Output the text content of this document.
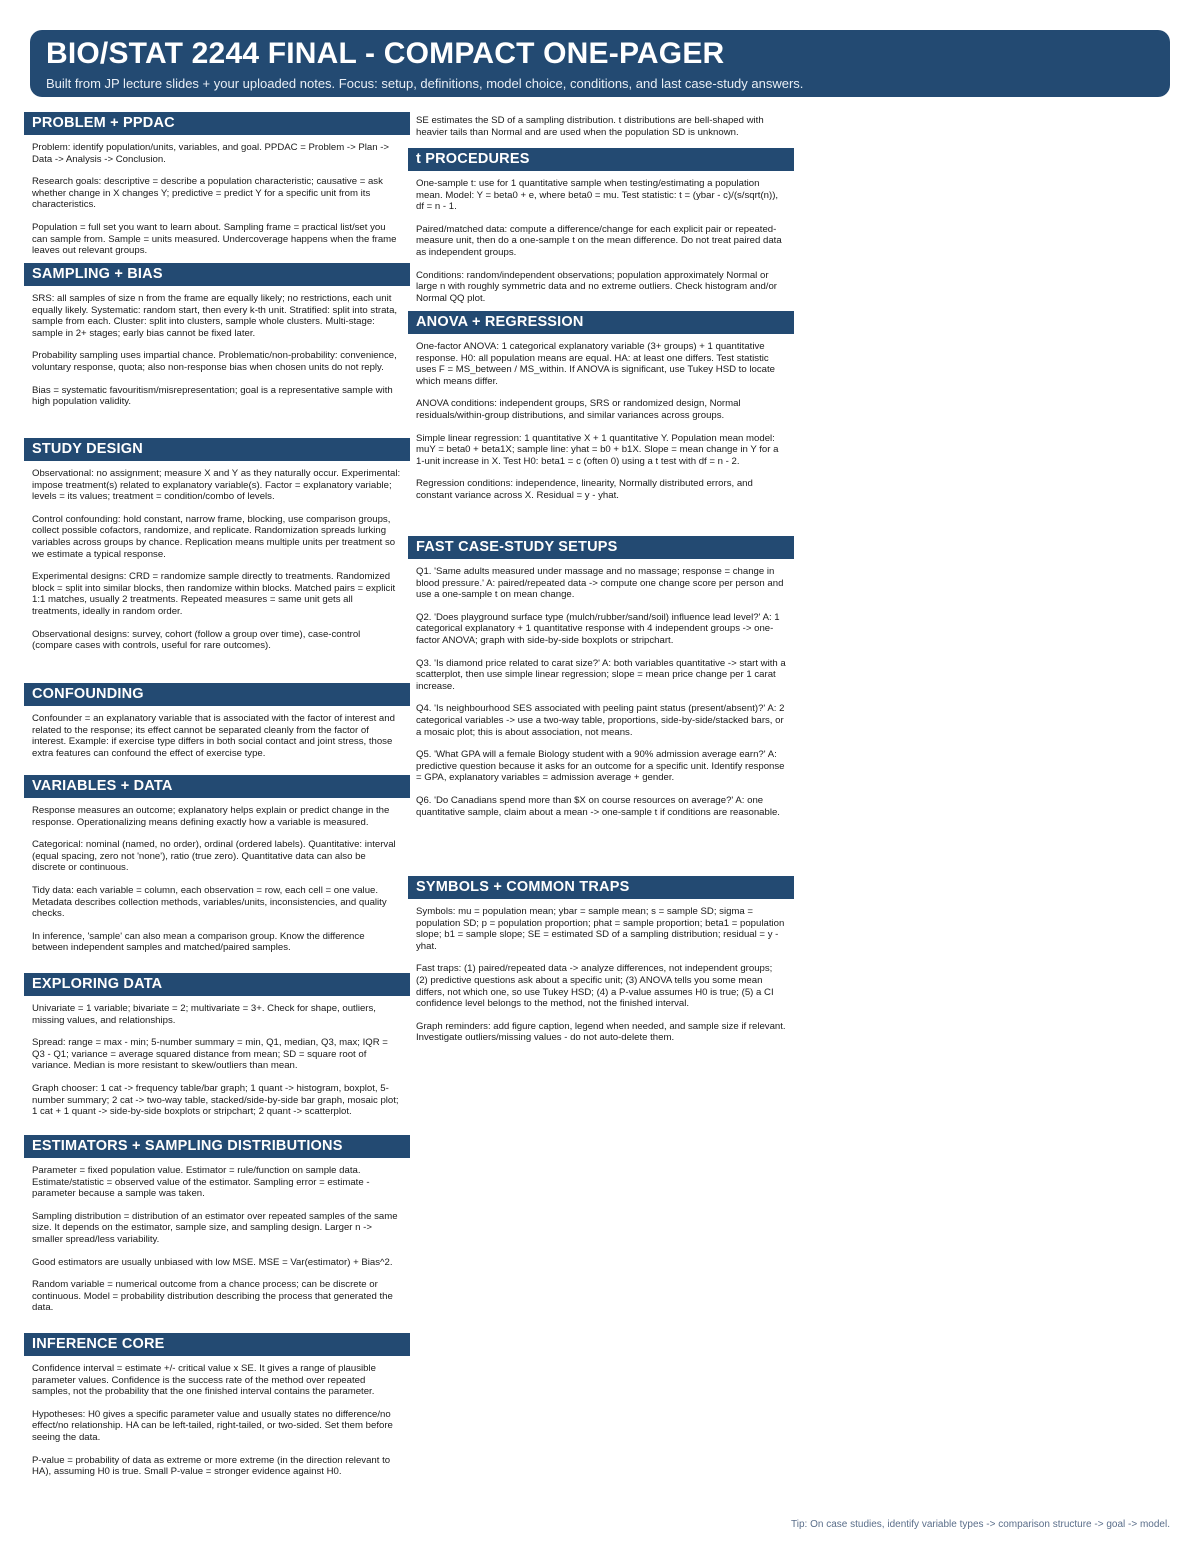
BIO/STAT 2244 FINAL - COMPACT ONE-PAGER
Built from JP lecture slides + your uploaded notes. Focus: setup, definitions, model choice, conditions, and last case-study answers.
PROBLEM + PPDAC
Problem: identify population/units, variables, and goal. PPDAC = Problem -> Plan -> Data -> Analysis -> Conclusion.
Research goals: descriptive = describe a population characteristic; causative = ask whether change in X changes Y; predictive = predict Y for a specific unit from its characteristics.
Population = full set you want to learn about. Sampling frame = practical list/set you can sample from. Sample = units measured. Undercoverage happens when the frame leaves out relevant groups.
SAMPLING + BIAS
SRS: all samples of size n from the frame are equally likely; no restrictions, each unit equally likely. Systematic: random start, then every k-th unit. Stratified: split into strata, sample from each. Cluster: split into clusters, sample whole clusters. Multi-stage: sample in 2+ stages; early bias cannot be fixed later.
Probability sampling uses impartial chance. Problematic/non-probability: convenience, voluntary response, quota; also non-response bias when chosen units do not reply.
Bias = systematic favouritism/misrepresentation; goal is a representative sample with high population validity.
STUDY DESIGN
Observational: no assignment; measure X and Y as they naturally occur. Experimental: impose treatment(s) related to explanatory variable(s). Factor = explanatory variable; levels = its values; treatment = condition/combo of levels.
Control confounding: hold constant, narrow frame, blocking, use comparison groups, collect possible cofactors, randomize, and replicate. Randomization spreads lurking variables across groups by chance. Replication means multiple units per treatment so we estimate a typical response.
Experimental designs: CRD = randomize sample directly to treatments. Randomized block = split into similar blocks, then randomize within blocks. Matched pairs = explicit 1:1 matches, usually 2 treatments. Repeated measures = same unit gets all treatments, ideally in random order.
Observational designs: survey, cohort (follow a group over time), case-control (compare cases with controls, useful for rare outcomes).
CONFOUNDING
Confounder = an explanatory variable that is associated with the factor of interest and related to the response; its effect cannot be separated cleanly from the factor of interest. Example: if exercise type differs in both social contact and joint stress, those extra features can confound the effect of exercise type.
VARIABLES + DATA
Response measures an outcome; explanatory helps explain or predict change in the response. Operationalizing means defining exactly how a variable is measured.
Categorical: nominal (named, no order), ordinal (ordered labels). Quantitative: interval (equal spacing, zero not 'none'), ratio (true zero). Quantitative data can also be discrete or continuous.
Tidy data: each variable = column, each observation = row, each cell = one value. Metadata describes collection methods, variables/units, inconsistencies, and quality checks.
In inference, 'sample' can also mean a comparison group. Know the difference between independent samples and matched/paired samples.
EXPLORING DATA
Univariate = 1 variable; bivariate = 2; multivariate = 3+. Check for shape, outliers, missing values, and relationships.
Spread: range = max - min; 5-number summary = min, Q1, median, Q3, max; IQR = Q3 - Q1; variance = average squared distance from mean; SD = square root of variance. Median is more resistant to skew/outliers than mean.
Graph chooser: 1 cat -> frequency table/bar graph; 1 quant -> histogram, boxplot, 5-number summary; 2 cat -> two-way table, stacked/side-by-side bar graph, mosaic plot; 1 cat + 1 quant -> side-by-side boxplots or stripchart; 2 quant -> scatterplot.
ESTIMATORS + SAMPLING DISTRIBUTIONS
Parameter = fixed population value. Estimator = rule/function on sample data. Estimate/statistic = observed value of the estimator. Sampling error = estimate - parameter because a sample was taken.
Sampling distribution = distribution of an estimator over repeated samples of the same size. It depends on the estimator, sample size, and sampling design. Larger n -> smaller spread/less variability.
Good estimators are usually unbiased with low MSE. MSE = Var(estimator) + Bias^2.
Random variable = numerical outcome from a chance process; can be discrete or continuous. Model = probability distribution describing the process that generated the data.
INFERENCE CORE
Confidence interval = estimate +/- critical value x SE. It gives a range of plausible parameter values. Confidence is the success rate of the method over repeated samples, not the probability that the one finished interval contains the parameter.
Hypotheses: H0 gives a specific parameter value and usually states no difference/no effect/no relationship. HA can be left-tailed, right-tailed, or two-sided. Set them before seeing the data.
P-value = probability of data as extreme or more extreme (in the direction relevant to HA), assuming H0 is true. Small P-value = stronger evidence against H0.
SE estimates the SD of a sampling distribution. t distributions are bell-shaped with heavier tails than Normal and are used when the population SD is unknown.
t PROCEDURES
One-sample t: use for 1 quantitative sample when testing/estimating a population mean. Model: Y = beta0 + e, where beta0 = mu. Test statistic: t = (ybar - c)/(s/sqrt(n)), df = n - 1.
Paired/matched data: compute a difference/change for each explicit pair or repeated-measure unit, then do a one-sample t on the mean difference. Do not treat paired data as independent groups.
Conditions: random/independent observations; population approximately Normal or large n with roughly symmetric data and no extreme outliers. Check histogram and/or Normal QQ plot.
ANOVA + REGRESSION
One-factor ANOVA: 1 categorical explanatory variable (3+ groups) + 1 quantitative response. H0: all population means are equal. HA: at least one differs. Test statistic uses F = MS_between / MS_within. If ANOVA is significant, use Tukey HSD to locate which means differ.
ANOVA conditions: independent groups, SRS or randomized design, Normal residuals/within-group distributions, and similar variances across groups.
Simple linear regression: 1 quantitative X + 1 quantitative Y. Population mean model: muY = beta0 + beta1X; sample line: yhat = b0 + b1X. Slope = mean change in Y for a 1-unit increase in X. Test H0: beta1 = c (often 0) using a t test with df = n - 2.
Regression conditions: independence, linearity, Normally distributed errors, and constant variance across X. Residual = y - yhat.
FAST CASE-STUDY SETUPS
Q1. 'Same adults measured under massage and no massage; response = change in blood pressure.' A: paired/repeated data -> compute one change score per person and use a one-sample t on mean change.
Q2. 'Does playground surface type (mulch/rubber/sand/soil) influence lead level?' A: 1 categorical explanatory + 1 quantitative response with 4 independent groups -> one-factor ANOVA; graph with side-by-side boxplots or stripchart.
Q3. 'Is diamond price related to carat size?' A: both variables quantitative -> start with a scatterplot, then use simple linear regression; slope = mean price change per 1 carat increase.
Q4. 'Is neighbourhood SES associated with peeling paint status (present/absent)?' A: 2 categorical variables -> use a two-way table, proportions, side-by-side/stacked bars, or a mosaic plot; this is about association, not means.
Q5. 'What GPA will a female Biology student with a 90% admission average earn?' A: predictive question because it asks for an outcome for a specific unit. Identify response = GPA, explanatory variables = admission average + gender.
Q6. 'Do Canadians spend more than $X on course resources on average?' A: one quantitative sample, claim about a mean -> one-sample t if conditions are reasonable.
SYMBOLS + COMMON TRAPS
Symbols: mu = population mean; ybar = sample mean; s = sample SD; sigma = population SD; p = population proportion; phat = sample proportion; beta1 = population slope; b1 = sample slope; SE = estimated SD of a sampling distribution; residual = y - yhat.
Fast traps: (1) paired/repeated data -> analyze differences, not independent groups; (2) predictive questions ask about a specific unit; (3) ANOVA tells you some mean differs, not which one, so use Tukey HSD; (4) a P-value assumes H0 is true; (5) a CI confidence level belongs to the method, not the finished interval.
Graph reminders: add figure caption, legend when needed, and sample size if relevant. Investigate outliers/missing values - do not auto-delete them.
Tip: On case studies, identify variable types -> comparison structure -> goal -> model.
